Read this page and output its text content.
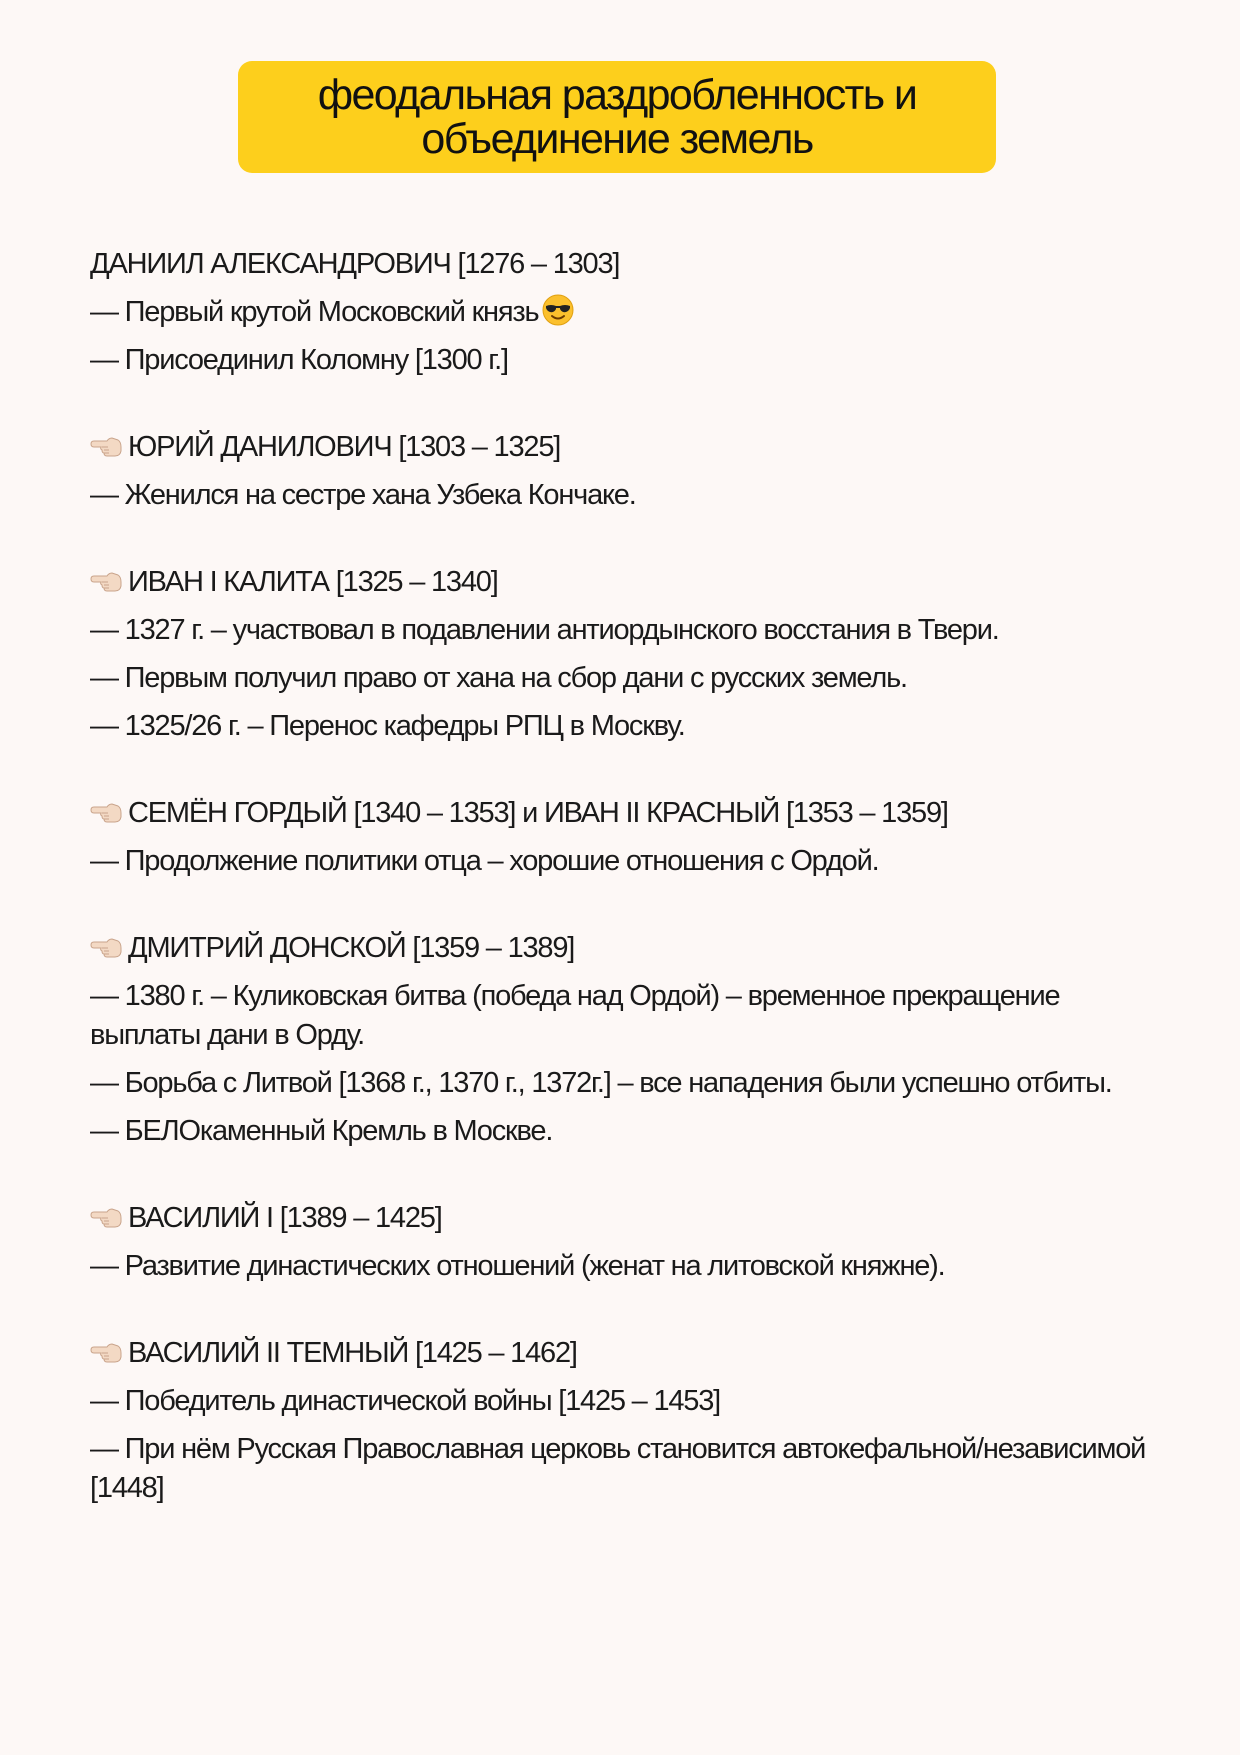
феодальная раздробленность и объединение земель

ДАНИИЛ АЛЕКСАНДРОВИЧ [1276 – 1303]

— Первый крутой Московский князь

— Присоединил Коломну [1300 г.]

ЮРИЙ ДАНИЛОВИЧ [1303 – 1325]

— Женился на сестре хана Узбека Кончаке.

ИВАН I КАЛИТА [1325 – 1340]

— 1327 г. – участвовал в подавлении антиордынского восстания в Твери.

— Первым получил право от хана на сбор дани с русских земель.

— 1325/26 г. – Перенос кафедры РПЦ в Москву.

СЕМЁН ГОРДЫЙ [1340 – 1353] и ИВАН II КРАСНЫЙ [1353 – 1359]

— Продолжение политики отца – хорошие отношения с Ордой.

ДМИТРИЙ ДОНСКОЙ [1359 – 1389]

— 1380 г. – Куликовская битва (победа над Ордой) – временное прекращение выплаты дани в Орду.

— Борьба с Литвой [1368 г., 1370 г., 1372г.] – все нападения были успешно отбиты.

— БЕЛОкаменный Кремль в Москве.

ВАСИЛИЙ I [1389 – 1425]

— Развитие династических отношений (женат на литовской княжне).

ВАСИЛИЙ II ТЕМНЫЙ [1425 – 1462]

— Победитель династической войны [1425 – 1453]

— При нём Русская Православная церковь становится автокефальной/независимой [1448]
